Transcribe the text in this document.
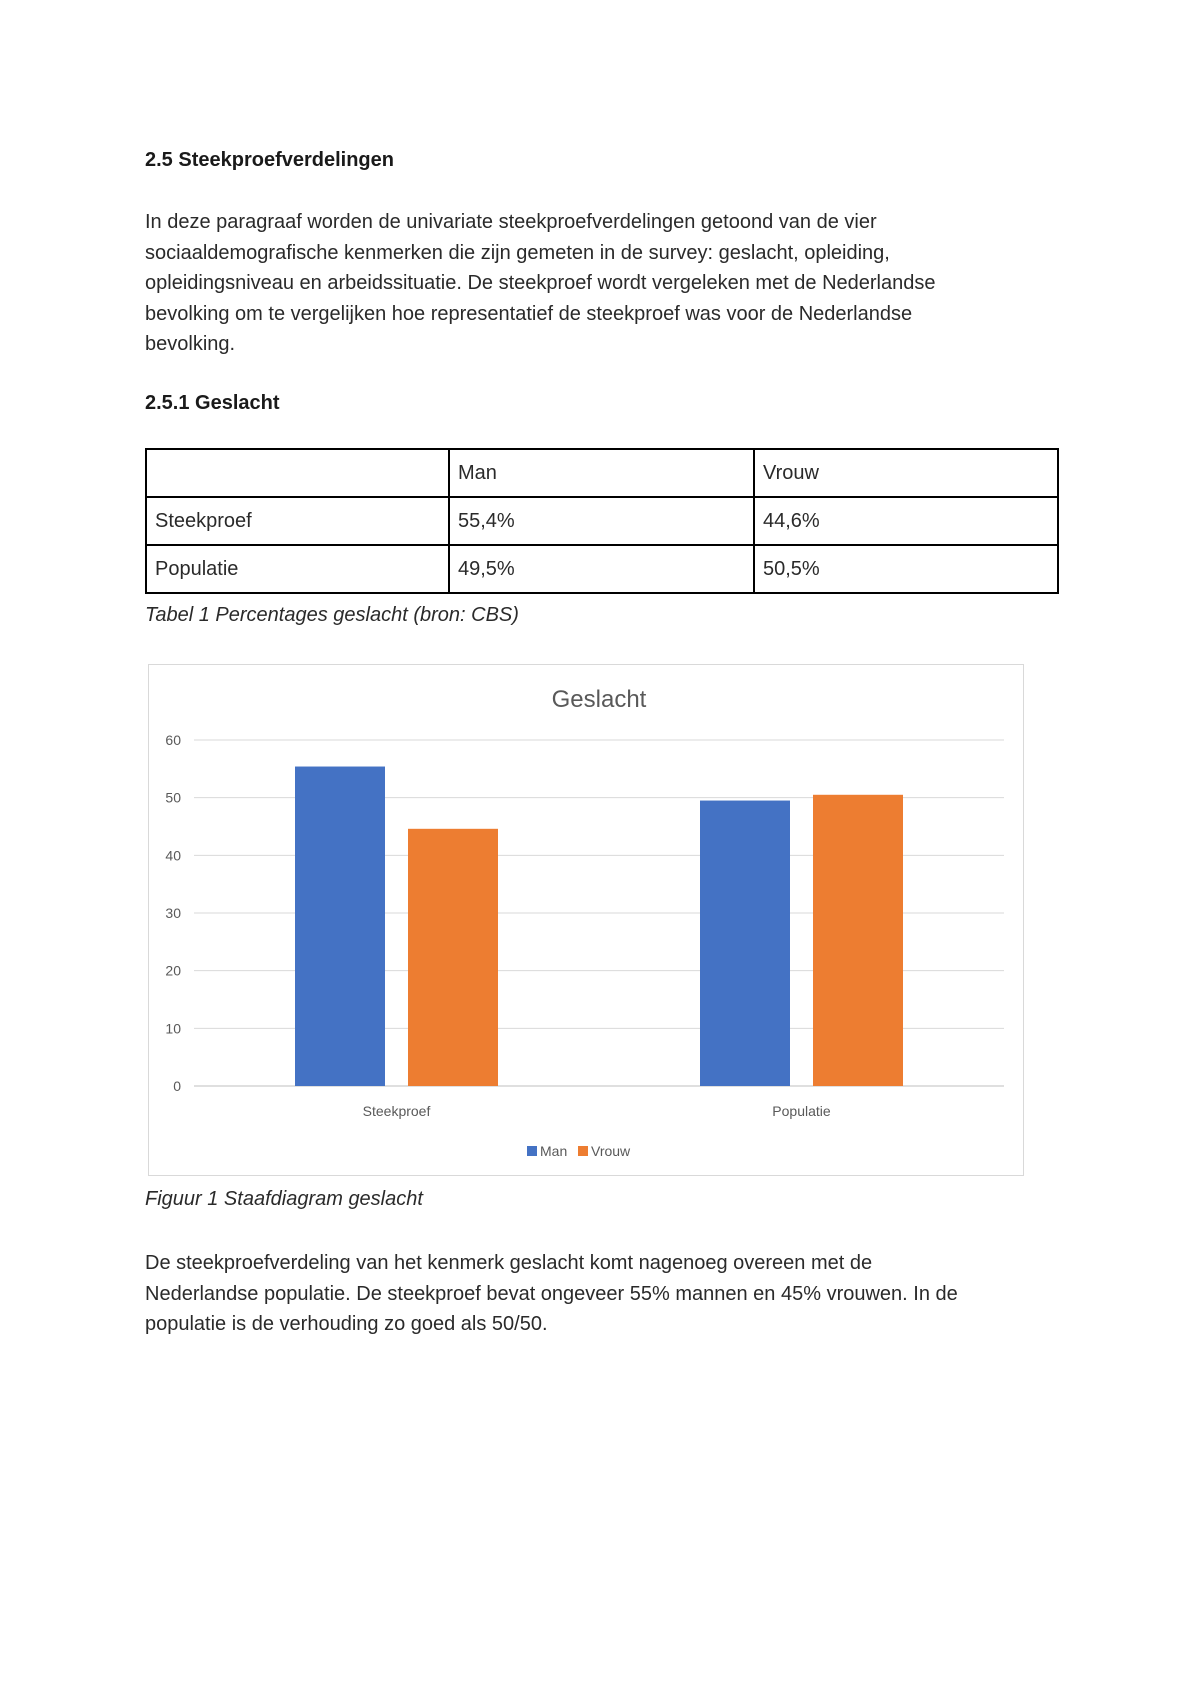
2.5 Steekproefverdelingen
In deze paragraaf worden de univariate steekproefverdelingen getoond van de vier
sociaaldemografische kenmerken die zijn gemeten in de survey: geslacht, opleiding,
opleidingsniveau en arbeidssituatie. De steekproef wordt vergeleken met de Nederlandse
bevolking om te vergelijken hoe representatief de steekproef was voor de Nederlandse
bevolking.
2.5.1 Geslacht
	Man	Vrouw
Steekproef	55,4%	44,6%
Populatie	49,5%	50,5%
Tabel 1 Percentages geslacht (bron: CBS)
Geslacht
0
10
20
30
40
50
60
Steekproef	Populatie
Man Vrouw
Figuur 1 Staafdiagram geslacht
De steekproefverdeling van het kenmerk geslacht komt nagenoeg overeen met de
Nederlandse populatie. De steekproef bevat ongeveer 55% mannen en 45% vrouwen. In de
populatie is de verhouding zo goed als 50/50.
